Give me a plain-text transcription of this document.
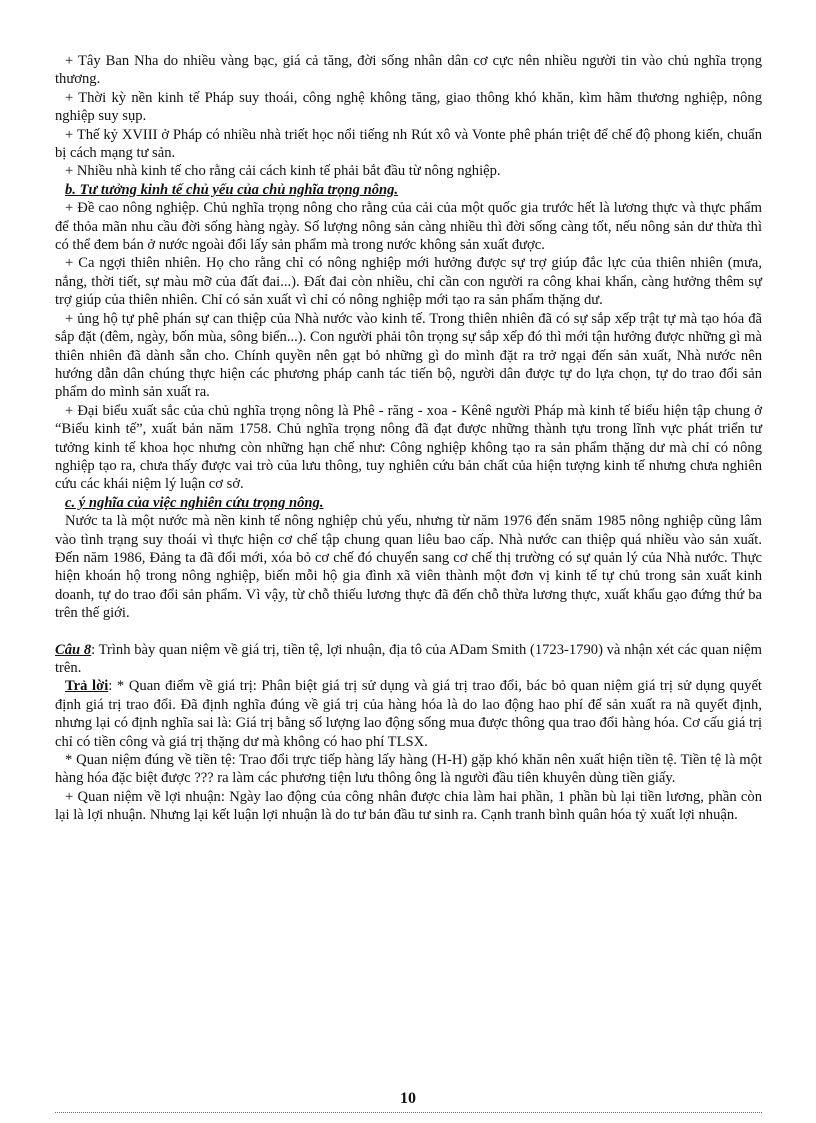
+ Tây Ban Nha do nhiều vàng bạc, giá cả tăng, đời sống nhân dân cơ cực nên nhiều người tin vào chủ nghĩa trọng thương.

+ Thời kỳ nền kinh tế Pháp suy thoái, công nghệ không tăng, giao thông khó khăn, kìm hãm thương nghiệp, nông nghiệp suy sụp.

+ Thế kỷ XVIII ở Pháp có nhiều nhà triết học nổi tiếng nh Rút xô và Vonte phê phán triệt để chế độ phong kiến, chuẩn bị cách mạng tư sản.

+ Nhiều nhà kinh tế cho rằng cải cách kinh tế phải bắt đầu từ nông nghiệp.

b. Tư tưởng kinh tế chủ yếu của chủ nghĩa trọng nông.

+ Đề cao nông nghiệp. Chủ nghĩa trọng nông cho rằng của cải của một quốc gia trước hết là lương thực và thực phẩm để thỏa mãn nhu cầu đời sống hàng ngày. Số lượng nông sản càng nhiều thì đời sống càng tốt, nếu nông sản dư thừa thì có thể đem bán ở nước ngoài đổi lấy sản phẩm mà trong nước không sản xuất được.

+ Ca ngợi thiên nhiên. Họ cho rằng chỉ có nông nghiệp mới hưởng được sự trợ giúp đắc lực của thiên nhiên (mưa, nắng, thời tiết, sự màu mỡ của đất đai...). Đất đai còn nhiều, chỉ cần con người ra công khai khẩn, càng hưởng thêm sự trợ giúp của thiên nhiên. Chỉ có sản xuất vì chỉ có nông nghiệp mới tạo ra sản phẩm thặng dư.

+ ủng hộ tự phê phán sự can thiệp của Nhà nước vào kinh tế. Trong thiên nhiên đã có sự sắp xếp trật tự mà tạo hóa đã sắp đặt (đêm, ngày, bốn mùa, sông biển...). Con người phải tôn trọng sự sắp xếp đó thì mới tận hưởng được những gì mà thiên nhiên đã dành sẵn cho. Chính quyền nên gạt bỏ những gì do mình đặt ra trở ngại đến sản xuất, Nhà nước nên hướng dẫn dân chúng thực hiện các phương pháp canh tác tiến bộ, người dân được tự do lựa chọn, tự do trao đổi sản phẩm do mình sản xuất ra.

+ Đại biểu xuất sắc của chủ nghĩa trọng nông là Phê - răng - xoa - Kênê người Pháp mà kinh tế biểu hiện tập chung ở “Biểu kinh tế”, xuất bản năm 1758. Chủ nghĩa trọng nông đã đạt được những thành tựu trong lĩnh vực phát triển tư tưởng kinh tế khoa học nhưng còn những hạn chế như: Công nghiệp không tạo ra sản phẩm thặng dư mà chỉ có nông nghiệp tạo ra, chưa thấy được vai trò của lưu thông, tuy nghiên cứu bản chất của hiện tượng kinh tế nhưng chưa nghiên cứu các khái niệm lý luận cơ sở.

c. ý nghĩa của việc nghiên cứu trọng nông.

Nước ta là một nước mà nền kinh tế nông nghiệp chủ yếu, nhưng từ năm 1976 đến snăm 1985 nông nghiệp cũng lâm vào tình trạng suy thoái vì thực hiện cơ chế tập chung quan liêu bao cấp. Nhà nước can thiệp quá nhiều vào sản xuất. Đến năm 1986, Đảng ta đã đổi mới, xóa bỏ cơ chế đó chuyển sang cơ chế thị trường có sự quản lý của Nhà nước. Thực hiện khoán hộ trong nông nghiệp, biến mỗi hộ gia đình xã viên thành một đơn vị kinh tế tự chủ trong sản xuất kinh doanh, tự do trao đổi sản phẩm. Vì vậy, từ chỗ thiếu lương thực đã đến chỗ thừa lương thực, xuất khẩu gạo đứng thứ ba trên thế giới.

Câu 8: Trình bày quan niệm về giá trị, tiền tệ, lợi nhuận, địa tô của ADam Smith (1723-1790) và nhận xét các quan niệm trên.

Trả lời: * Quan điểm về giá trị: Phân biệt giá trị sử dụng và giá trị trao đổi, bác bỏ quan niệm giá trị sử dụng quyết định giá trị trao đổi. Đã định nghĩa đúng về giá trị của hàng hóa là do lao động hao phí để sản xuất ra nã quyết định, nhưng lại có định nghĩa sai là: Giá trị bằng số lượng lao động sống mua được thông qua trao đổi hàng hóa. Cơ cấu giá trị chỉ có tiền công và giá trị thặng dư mà không có hao phí TLSX.

* Quan niệm đúng về tiền tệ: Trao đổi trực tiếp hàng lấy hàng (H-H) gặp khó khăn nên xuất hiện tiền tệ. Tiền tệ là một hàng hóa đặc biệt được ??? ra làm các phương tiện lưu thông ông là người đầu tiên khuyên dùng tiền giấy.

+ Quan niệm về lợi nhuận: Ngày lao động của công nhân được chia làm hai phần, 1 phần bù lại tiền lương, phần còn lại là lợi nhuận. Nhưng lại kết luận lợi nhuận là do tư bản đầu tư sinh ra. Cạnh tranh bình quân hóa tỷ xuất lợi nhuận.

10
